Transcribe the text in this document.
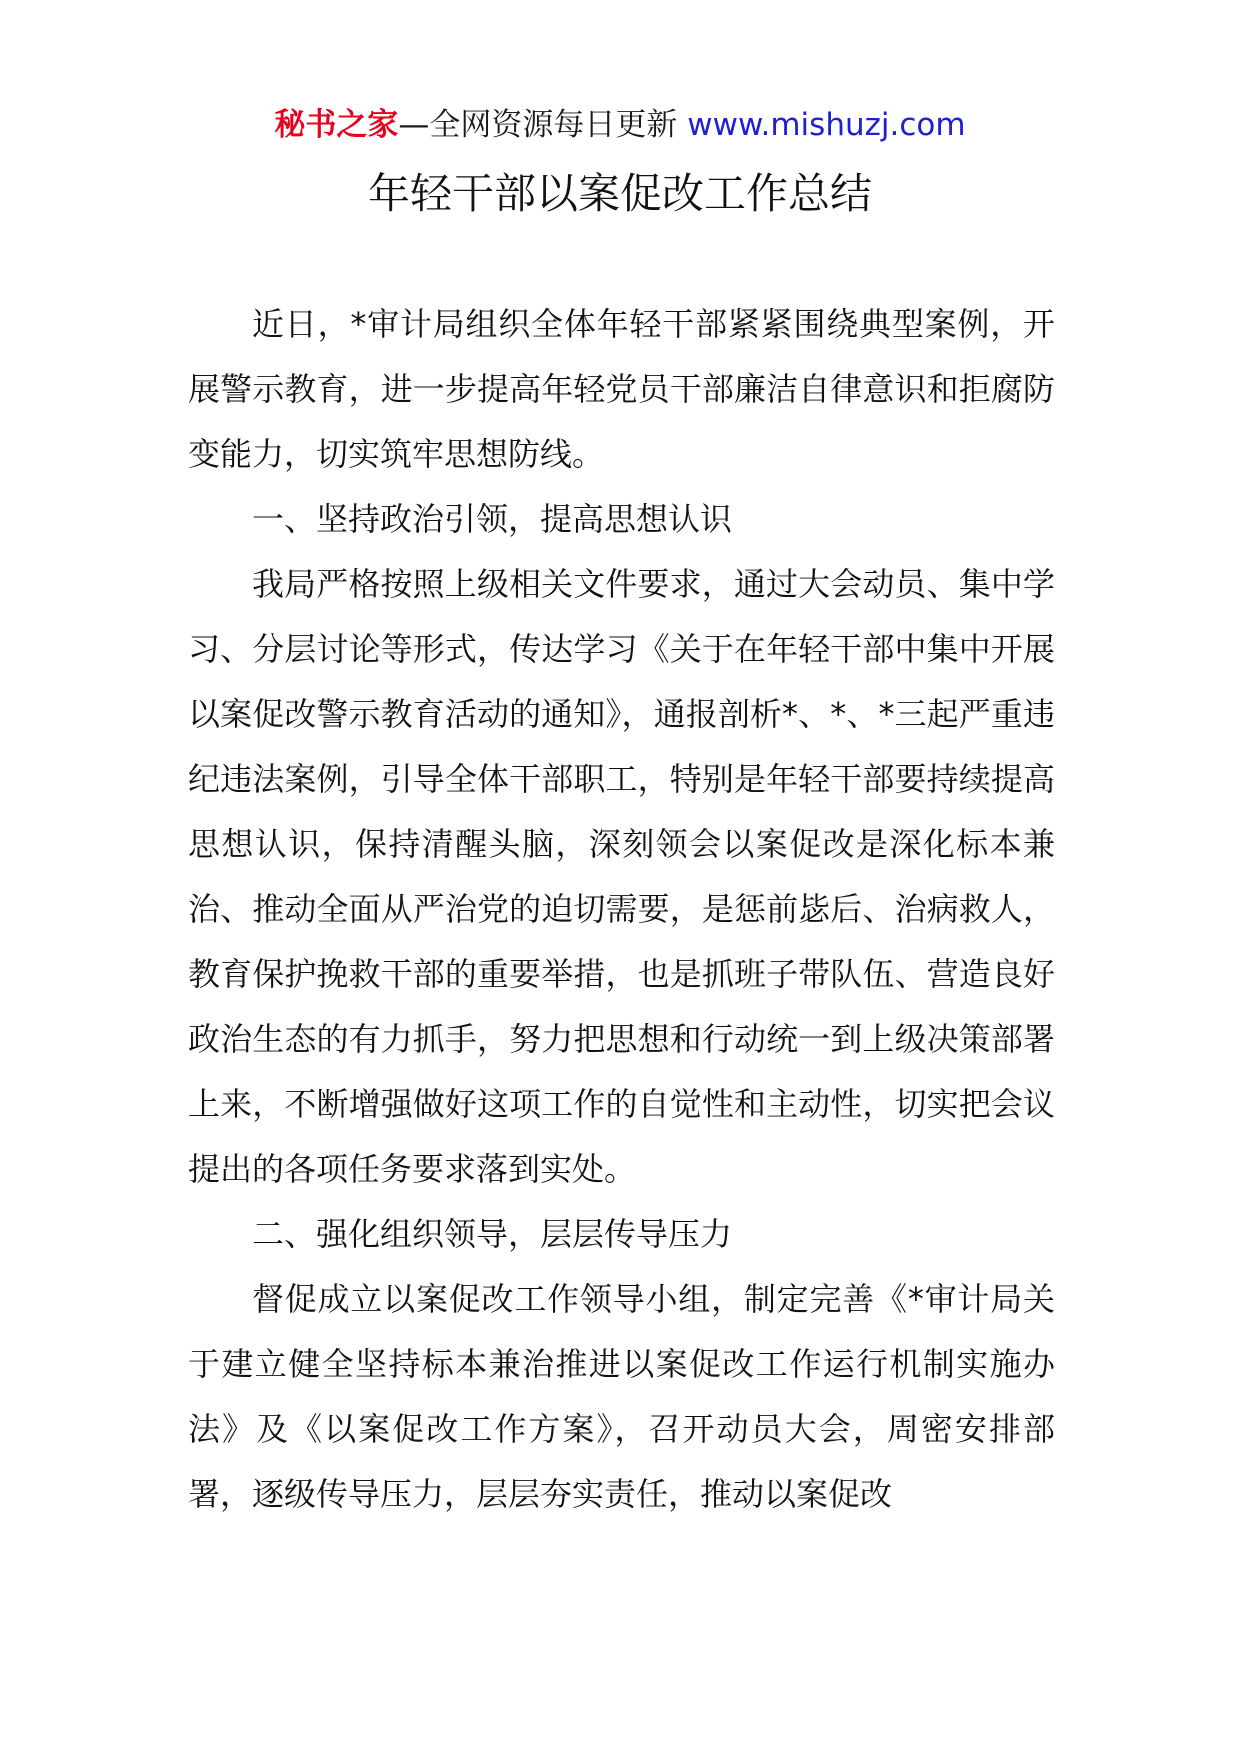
秘书之家—全网资源每日更新 www.mishuzj.com
年轻干部以案促改工作总结

近日，*审计局组织全体年轻干部紧紧围绕典型案例，开展警示教育，进一步提高年轻党员干部廉洁自律意识和拒腐防变能力，切实筑牢思想防线。

一、坚持政治引领，提高思想认识

我局严格按照上级相关文件要求，通过大会动员、集中学习、分层讨论等形式，传达学习《关于在年轻干部中集中开展以案促改警示教育活动的通知》，通报剖析*、*、*三起严重违纪违法案例，引导全体干部职工，特别是年轻干部要持续提高思想认识，保持清醒头脑，深刻领会以案促改是深化标本兼治、推动全面从严治党的迫切需要，是惩前毖后、治病救人，教育保护挽救干部的重要举措，也是抓班子带队伍、营造良好政治生态的有力抓手，努力把思想和行动统一到上级决策部署上来，不断增强做好这项工作的自觉性和主动性，切实把会议提出的各项任务要求落到实处。

二、强化组织领导，层层传导压力

督促成立以案促改工作领导小组，制定完善《*审计局关于建立健全坚持标本兼治推进以案促改工作运行机制实施办法》及《以案促改工作方案》，召开动员大会，周密安排部署，逐级传导压力，层层夯实责任，推动以案促改
